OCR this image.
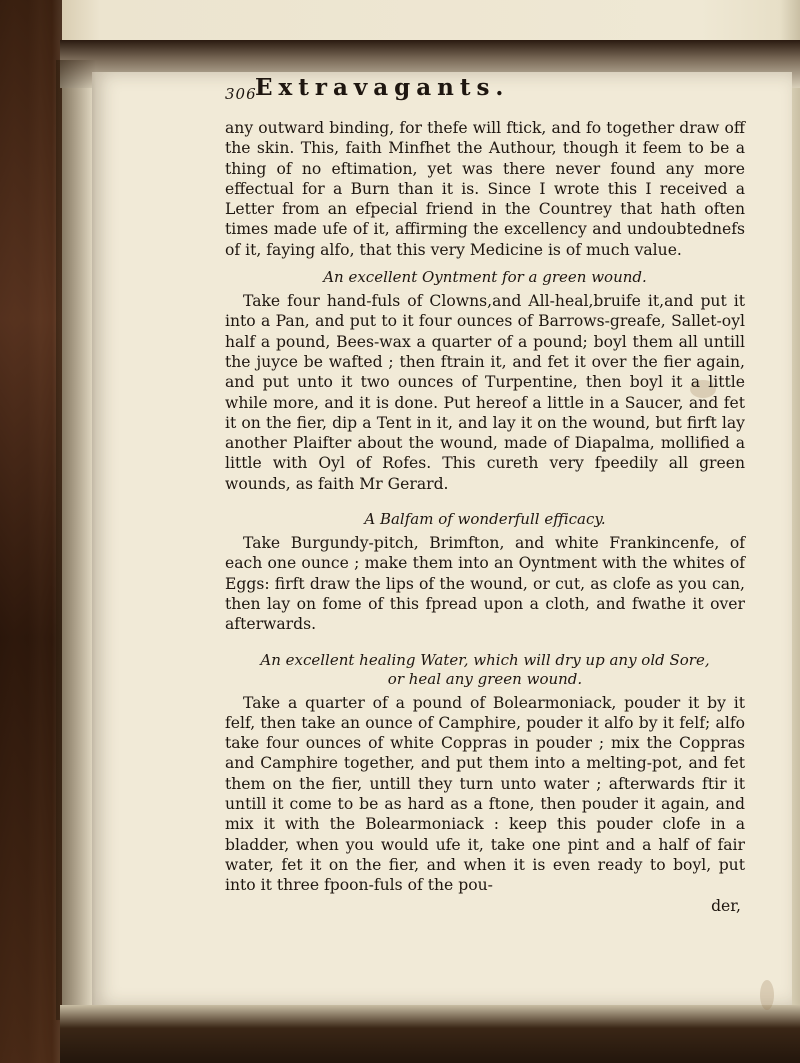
306
Extravagants.

any outward binding, for thefe will ftick, and fo together draw off the skin. This, faith Minfhet the Authour, though it feem to be a thing of no eftimation, yet was there never found any more effectual for a Burn than it is. Since I wrote this I received a Letter from an efpecial friend in the Countrey that hath often times made ufe of it, affirming the excellency and undoubtednefs of it, faying alfo, that this very Medicine is of much value.

An excellent Oyntment for a green wound.

Take four hand-fuls of Clowns,and All-heal,bruife it,and put it into a Pan, and put to it four ounces of Barrows-greafe, Sallet-oyl half a pound, Bees-wax a quarter of a pound; boyl them all untill the juyce be wafted ; then ftrain it, and fet it over the fier again, and put unto it two ounces of Turpentine, then boyl it a little while more, and it is done. Put hereof a little in a Saucer, and fet it on the fier, dip a Tent in it, and lay it on the wound, but firft lay another Plaifter about the wound, made of Diapalma, mollified a little with Oyl of Rofes. This cureth very fpeedily all green wounds, as faith Mr Gerard.

A Balfam of wonderfull efficacy.

Take Burgundy-pitch, Brimfton, and white Frankincenfe, of each one ounce ; make them into an Oyntment with the whites of Eggs: firft draw the lips of the wound, or cut, as clofe as you can, then lay on fome of this fpread upon a cloth, and fwathe it over afterwards.

An excellent healing Water, which will dry up any old Sore,
or heal any green wound.

Take a quarter of a pound of Bolearmoniack, pouder it by it felf, then take an ounce of Camphire, pouder it alfo by it felf; alfo take four ounces of white Coppras in pouder ; mix the Coppras and Camphire together, and put them into a melting-pot, and fet them on the fier, untill they turn unto water ; afterwards ftir it untill it come to be as hard as a ftone, then pouder it again, and mix it with the Bolearmoniack : keep this pouder clofe in a bladder, when you would ufe it, take one pint and a half of fair water, fet it on the fier, and when it is even ready to boyl, put into it three fpoon-fuls of the pou-

der,
